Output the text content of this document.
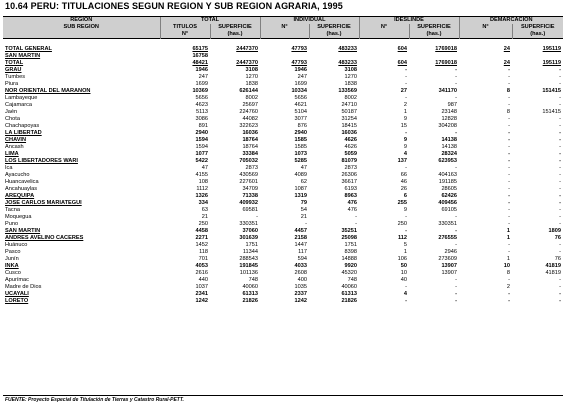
10.64 PERU: TITULACIONES SEGUN REGION Y SUB REGION AGRARIA, 1995
REGION	TOTAL		INDIVIDUAL		IDESLINDE		DEMARCACION	
SUB REGION	TITULOS	SUPERFICIE	N°	SUPERFICIE	N°	SUPERFICIE	N°	SUPERFICIE
	N°	(has.)		(has.)		(has.)		(has.)

TOTAL GENERAL	65175	2447370	47793	483233	604	1769018	24	195119
SAN MARTIN	16758							
TOTAL	48421	2447370	47793	483233	604	1769018	24	195119
GRAU	1946	3108	1946	3108	-	-	-	-
Tumbes	247	1270	247	1270	-	-	-	-
Piura	1699	1838	1699	1838	-	-	-	-
NOR ORIENTAL DEL MARAÑON	10369	626144	10334	133569	27	341170	8	151415
Lambayeque	5656	8002	5656	8002	-	-	-	-
Cajamarca	4623	25697	4621	24710	2	987	-	-
Jaén	5113	224760	5104	50187	1	23148	8	151415
Chota	3086	44082	3077	31254	9	12828	-	-
Chachapoyas	891	322623	876	18415	15	304208	-	-
LA LIBERTAD	2940	16036	2940	16036	-	-	-	-
CHAVIN	1594	18764	1585	4626	9	14138	-	-
Ancash	1594	18764	1585	4626	9	14138	-	-
LIMA	1077	33384	1073	5059	4	28324	-	-
LOS LIBERTADORES WARI	5422	705032	5285	81079	137	623953	-	-
Ica	47	2873	47	2873	-	-	-	-
Ayacucho	4155	430569	4089	26306	66	404163	-	-
Huancavelica	108	227601	62	36617	46	191185	-	-
Ancahuaylas	1112	34709	1087	6193	26	28605	-	-
AREQUIPA	1326	71338	1319	8963	6	62426	-	-
JOSE CARLOS MARIATEGUI	334	409932	79	476	255	409456	-	-
Tacna	63	69581	54	476	9	69105	-	-
Moquegua	21	-	21	-	-	-	-	-
Puno	250	330351	-	-	250	330351	-	-
SAN MARTIN	4458	37060	4457	35251	-	-	1	1809
ANDRES AVELINO CACERES	2271	301639	2158	25098	112	276555	1	76
Huánuco	1452	1751	1447	1751	5	-	-	-
Pasco	118	11344	117	8398	1	2946	-	-
Junín	701	288543	594	14888	106	273609	1	76
INKA	4053	191845	4033	9920	50	13907	10	41819
Cusco	2616	101136	2608	45320	10	13907	8	41819
Apurímac	440	748	400	748	40	-	-	-
Madre de Dios	1037	40060	1035	40060	-	-	2	-
UCAYALI	2341	61313	2337	61313	4	-	-	-
LORETO	1242	21826	1242	21826	-	-	-	-
FUENTE: Proyecto Especial de Titulación de Tierras y Catastro Rural-PETT.
